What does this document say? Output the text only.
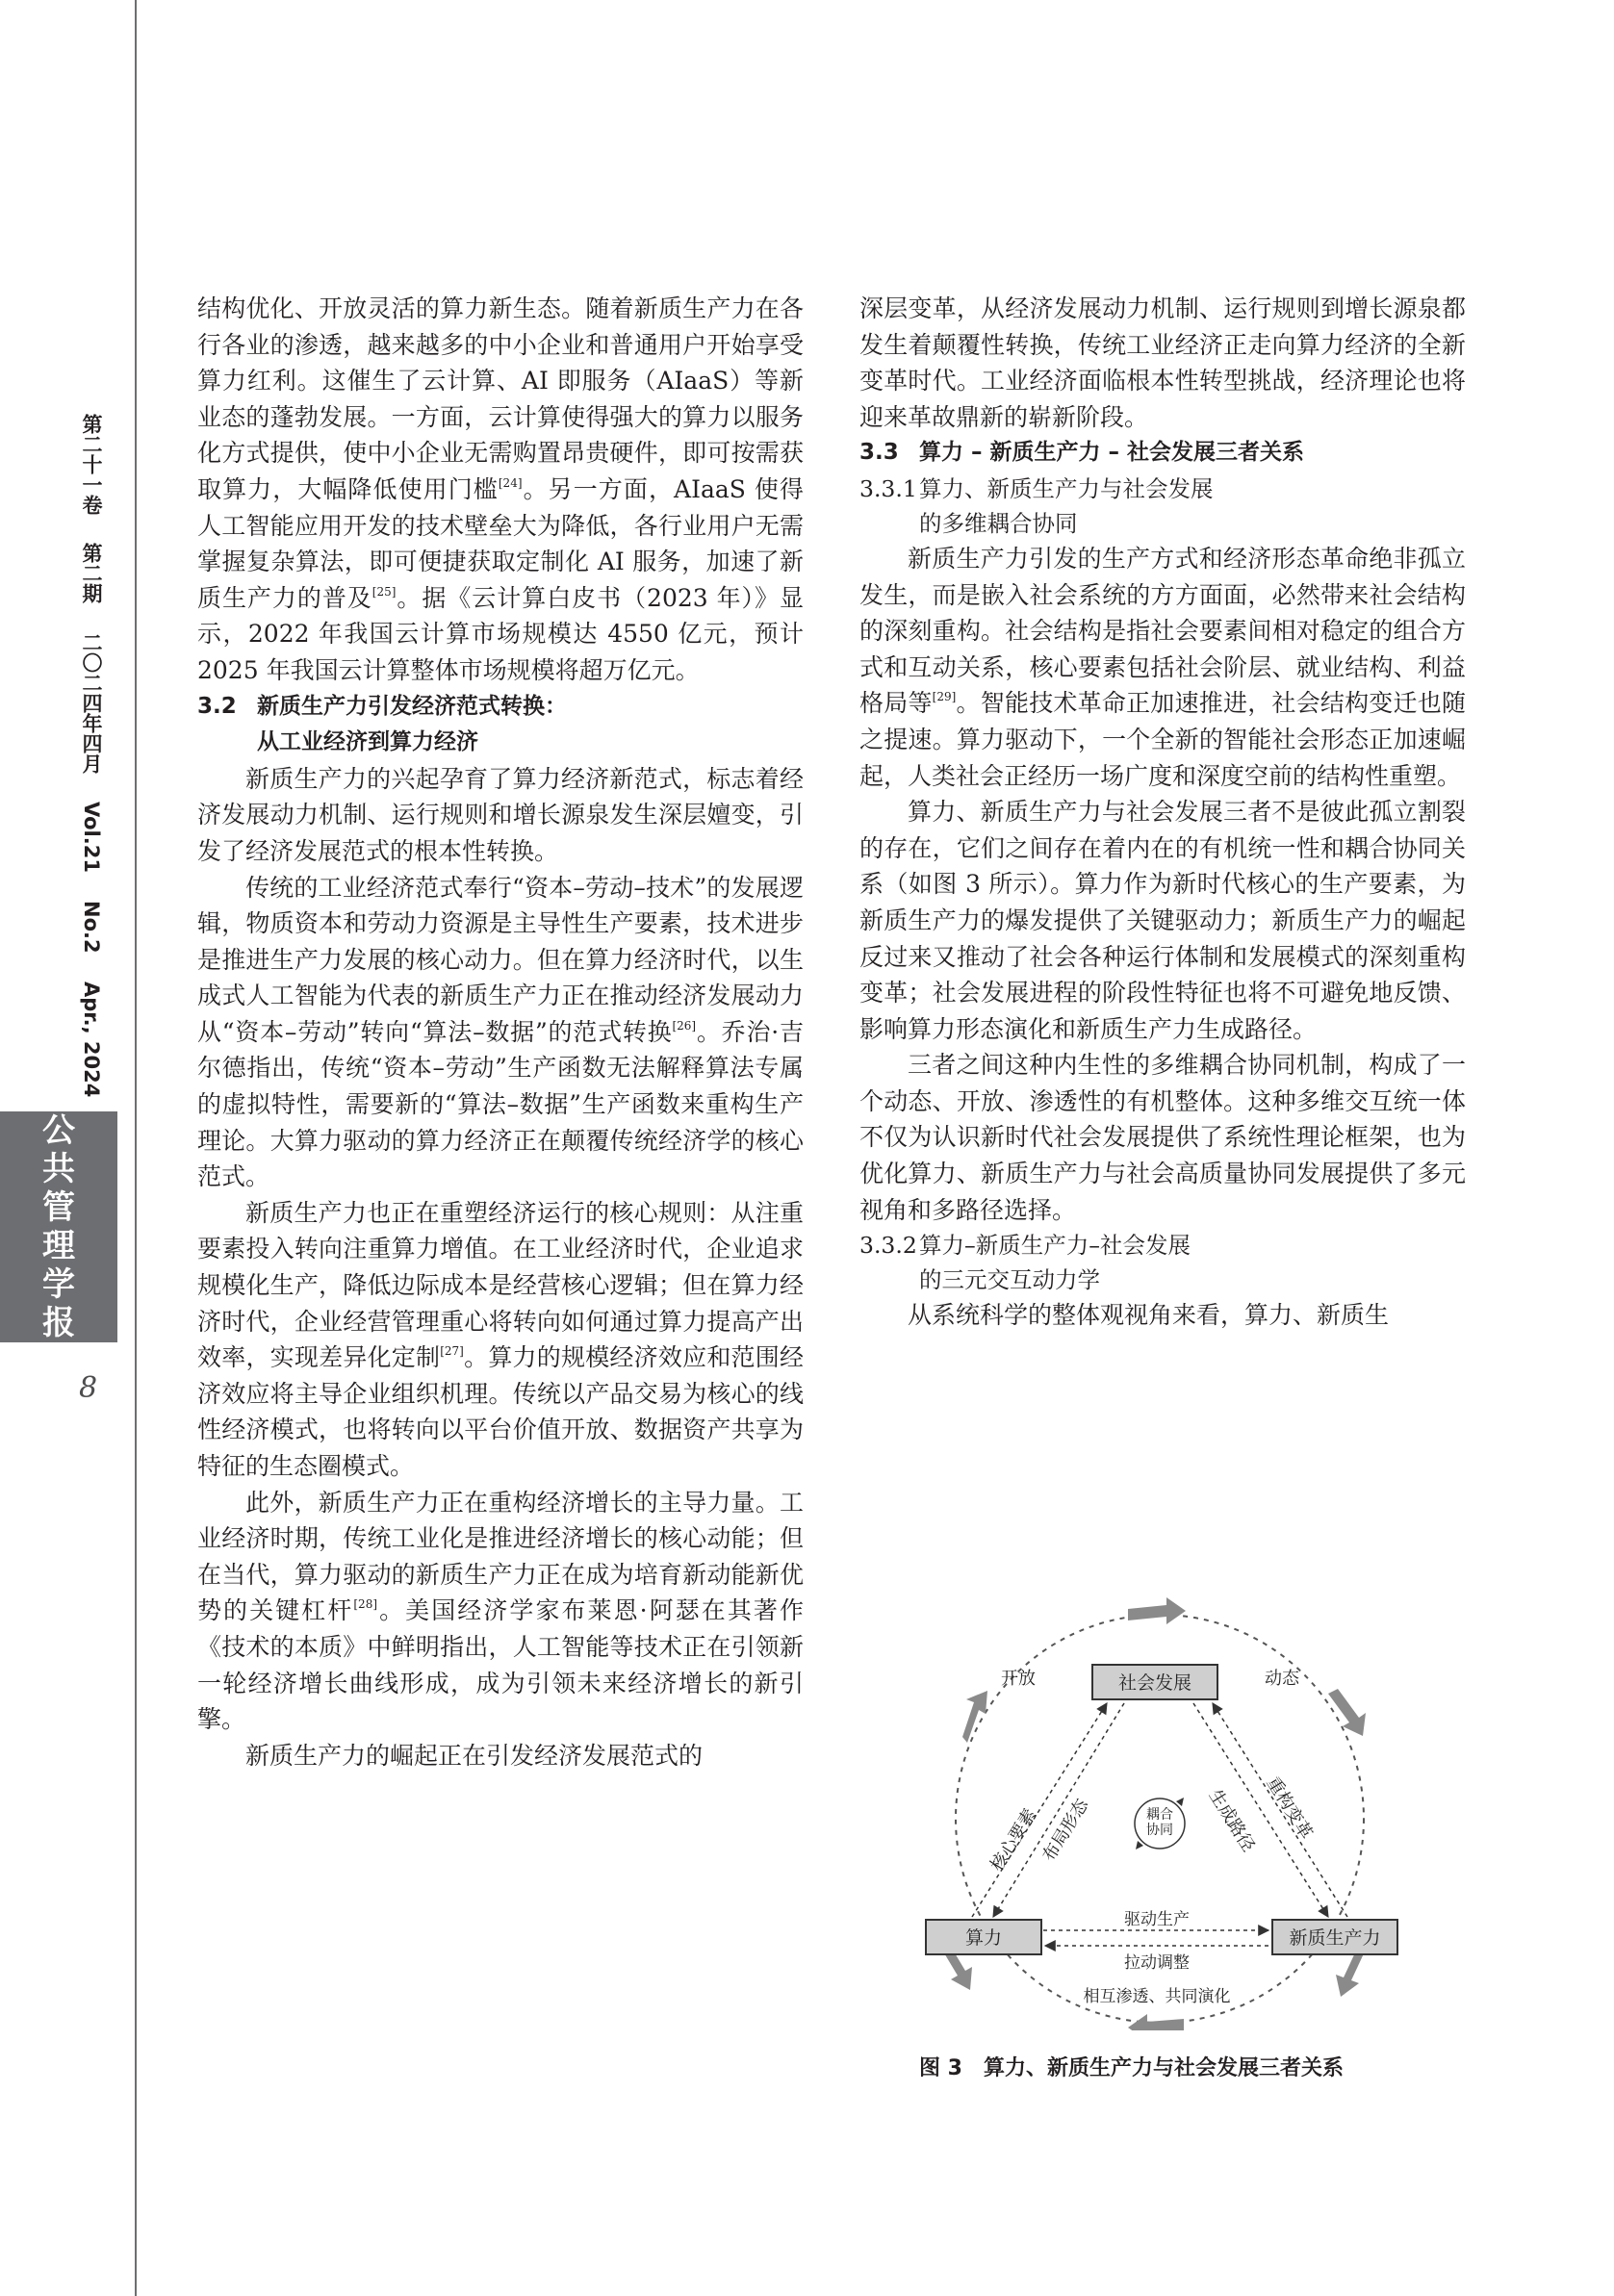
第二十一卷 第二期 二〇二四年四月 Vol.21 No.2 Apr., 2024
公共管理学报
8

结构优化、开放灵活的算力新生态。随着新质生产力在各行各业的渗透，越来越多的中小企业和普通用户开始享受算力红利。这催生了云计算、AI 即服务（AIaaS）等新业态的蓬勃发展。一方面，云计算使得强大的算力以服务化方式提供，使中小企业无需购置昂贵硬件，即可按需获取算力，大幅降低使用门槛[24]。另一方面，AIaaS 使得人工智能应用开发的技术壁垒大为降低，各行业用户无需掌握复杂算法，即可便捷获取定制化 AI 服务，加速了新质生产力的普及[25]。据《云计算白皮书（2023 年）》显示，2022 年我国云计算市场规模达 4550 亿元，预计 2025 年我国云计算整体市场规模将超万亿元。

3.2 新质生产力引发经济范式转换：
从工业经济到算力经济

新质生产力的兴起孕育了算力经济新范式，标志着经济发展动力机制、运行规则和增长源泉发生深层嬗变，引发了经济发展范式的根本性转换。

传统的工业经济范式奉行“资本–劳动–技术”的发展逻辑，物质资本和劳动力资源是主导性生产要素，技术进步是推进生产力发展的核心动力。但在算力经济时代，以生成式人工智能为代表的新质生产力正在推动经济发展动力从“资本–劳动”转向“算法–数据”的范式转换[26]。乔治·吉尔德指出，传统“资本–劳动”生产函数无法解释算法专属的虚拟特性，需要新的“算法–数据”生产函数来重构生产理论。大算力驱动的算力经济正在颠覆传统经济学的核心范式。

新质生产力也正在重塑经济运行的核心规则：从注重要素投入转向注重算力增值。在工业经济时代，企业追求规模化生产，降低边际成本是经营核心逻辑；但在算力经济时代，企业经营管理重心将转向如何通过算力提高产出效率，实现差异化定制[27]。算力的规模经济效应和范围经济效应将主导企业组织机理。传统以产品交易为核心的线性经济模式，也将转向以平台价值开放、数据资产共享为特征的生态圈模式。

此外，新质生产力正在重构经济增长的主导力量。工业经济时期，传统工业化是推进经济增长的核心动能；但在当代，算力驱动的新质生产力正在成为培育新动能新优势的关键杠杆[28]。美国经济学家布莱恩·阿瑟在其著作《技术的本质》中鲜明指出，人工智能等技术正在引领新一轮经济增长曲线形成，成为引领未来经济增长的新引擎。

新质生产力的崛起正在引发经济发展范式的

深层变革，从经济发展动力机制、运行规则到增长源泉都发生着颠覆性转换，传统工业经济正走向算力经济的全新变革时代。工业经济面临根本性转型挑战，经济理论也将迎来革故鼎新的崭新阶段。

3.3 算力 – 新质生产力 – 社会发展三者关系
3.3.1算力、新质生产力与社会发展
的多维耦合协同

新质生产力引发的生产方式和经济形态革命绝非孤立发生，而是嵌入社会系统的方方面面，必然带来社会结构的深刻重构。社会结构是指社会要素间相对稳定的组合方式和互动关系，核心要素包括社会阶层、就业结构、利益格局等[29]。智能技术革命正加速推进，社会结构变迁也随之提速。算力驱动下，一个全新的智能社会形态正加速崛起，人类社会正经历一场广度和深度空前的结构性重塑。

算力、新质生产力与社会发展三者不是彼此孤立割裂的存在，它们之间存在着内在的有机统一性和耦合协同关系（如图 3 所示）。算力作为新时代核心的生产要素，为新质生产力的爆发提供了关键驱动力；新质生产力的崛起反过来又推动了社会各种运行体制和发展模式的深刻重构变革；社会发展进程的阶段性特征也将不可避免地反馈、影响算力形态演化和新质生产力生成路径。

三者之间这种内生性的多维耦合协同机制，构成了一个动态、开放、渗透性的有机整体。这种多维交互统一体不仅为认识新时代社会发展提供了系统性理论框架，也为优化算力、新质生产力与社会高质量协同发展提供了多元视角和多路径选择。

3.3.2算力–新质生产力–社会发展
的三元交互动力学

从系统科学的整体观视角来看，算力、新质生

社会发展
算力	新质生产力
核心要素
布局形态	生成路径 重构变革
驱动生产
拉动调整
耦合协同
开放	动态
相互渗透、共同演化
图 3 算力、新质生产力与社会发展三者关系
